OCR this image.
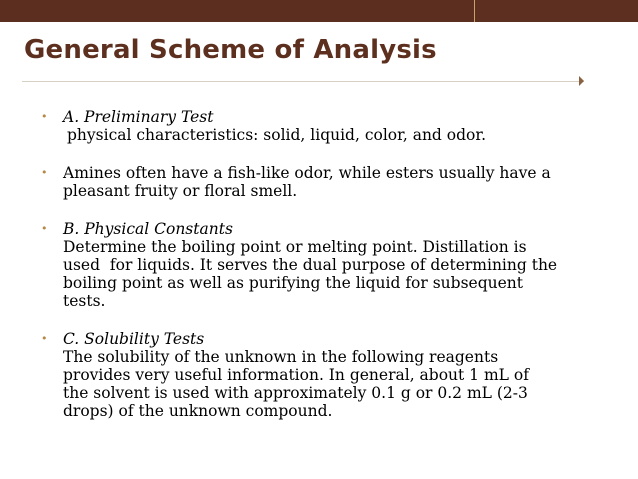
General Scheme of Analysis
• A. Preliminary Test
physical characteristics: solid, liquid, color, and odor.
• Amines often have a fish-like odor, while esters usually have a
pleasant fruity or floral smell.
• B. Physical Constants
Determine the boiling point or melting point. Distillation is
used  for liquids. It serves the dual purpose of determining the
boiling point as well as purifying the liquid for subsequent
tests.
• C. Solubility Tests
The solubility of the unknown in the following reagents
provides very useful information. In general, about 1 mL of
the solvent is used with approximately 0.1 g or 0.2 mL (2-3
drops) of the unknown compound.
